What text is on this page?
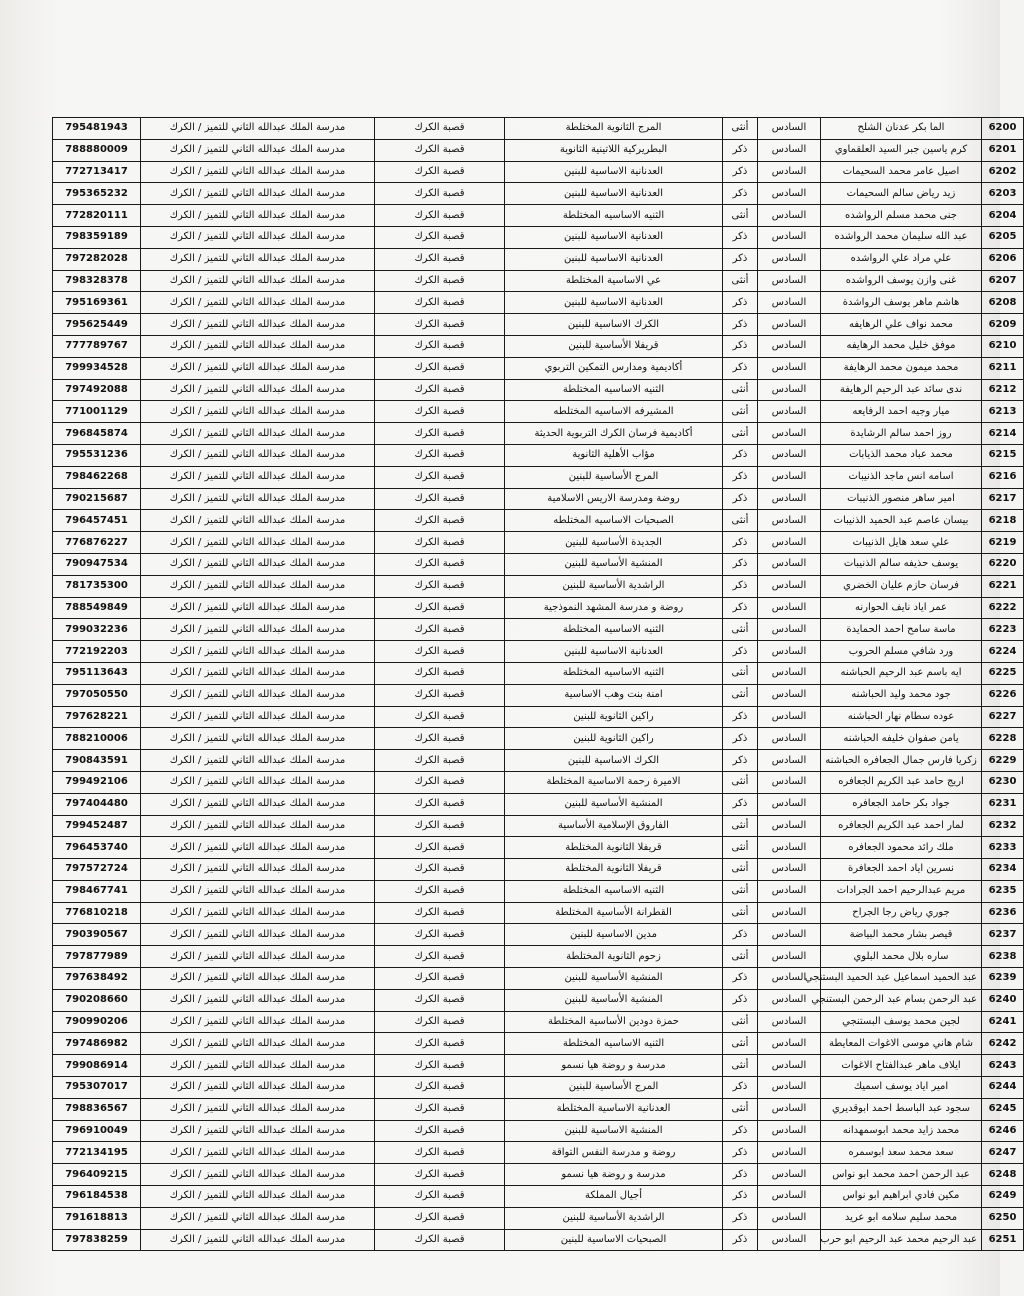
795481943	مدرسة الملك عبدالله الثاني للتميز / الكرك	قصبة الكرك	المرج الثانوية المختلطة	أنثى	السادس	الما بكر عدنان الشلح	6200
788880009	مدرسة الملك عبدالله الثاني للتميز / الكرك	قصبة الكرك	البطريركية اللاتينية الثانوية	ذكر	السادس	كرم ياسين جبر السيد العلقماوي	6201
772713417	مدرسة الملك عبدالله الثاني للتميز / الكرك	قصبة الكرك	العدنانية الاساسية للبنين	ذكر	السادس	اصيل عامر محمد السحيمات	6202
795365232	مدرسة الملك عبدالله الثاني للتميز / الكرك	قصبة الكرك	العدنانية الاساسية للبنين	ذكر	السادس	زيد رياض سالم السحيمات	6203
772820111	مدرسة الملك عبدالله الثاني للتميز / الكرك	قصبة الكرك	الثنيه الاساسيه المختلطة	أنثى	السادس	جنى محمد مسلم الرواشده	6204
798359189	مدرسة الملك عبدالله الثاني للتميز / الكرك	قصبة الكرك	العدنانية الاساسية للبنين	ذكر	السادس	عبد الله سليمان محمد الرواشده	6205
797282028	مدرسة الملك عبدالله الثاني للتميز / الكرك	قصبة الكرك	العدنانية الاساسية للبنين	ذكر	السادس	علي مراد علي الرواشده	6206
798328378	مدرسة الملك عبدالله الثاني للتميز / الكرك	قصبة الكرك	عي الاساسية المختلطة	أنثى	السادس	غنى وازن يوسف الرواشده	6207
795169361	مدرسة الملك عبدالله الثاني للتميز / الكرك	قصبة الكرك	العدنانية الاساسية للبنين	ذكر	السادس	هاشم ماهر يوسف الرواشدة	6208
795625449	مدرسة الملك عبدالله الثاني للتميز / الكرك	قصبة الكرك	الكرك الاساسية للبنين	ذكر	السادس	محمد نواف علي الرهايفه	6209
777789767	مدرسة الملك عبدالله الثاني للتميز / الكرك	قصبة الكرك	قريفلا الأساسية للبنين	ذكر	السادس	موفق خليل محمد الرهايفه	6210
799934528	مدرسة الملك عبدالله الثاني للتميز / الكرك	قصبة الكرك	أكاديمية ومدارس التمكين التربوي	ذكر	السادس	محمد ميمون محمد الرهايفة	6211
797492088	مدرسة الملك عبدالله الثاني للتميز / الكرك	قصبة الكرك	الثنيه الاساسيه المختلطة	أنثى	السادس	ندى سائد عبد الرحيم الرهايفة	6212
771001129	مدرسة الملك عبدالله الثاني للتميز / الكرك	قصبة الكرك	المشيرفه الاساسيه المختلطه	أنثى	السادس	ميار وجيه احمد الرفايعه	6213
796845874	مدرسة الملك عبدالله الثاني للتميز / الكرك	قصبة الكرك	أكاديمية فرسان الكرك التربوية الحديثة	أنثى	السادس	روز احمد سالم الرشايدة	6214
795531236	مدرسة الملك عبدالله الثاني للتميز / الكرك	قصبة الكرك	مؤاب الأهلية الثانوية	ذكر	السادس	محمد عباد محمد الذيابات	6215
798462268	مدرسة الملك عبدالله الثاني للتميز / الكرك	قصبة الكرك	المرج الأساسية للبنين	ذكر	السادس	اسامه انس ماجد الذنيبات	6216
790215687	مدرسة الملك عبدالله الثاني للتميز / الكرك	قصبة الكرك	روضة ومدرسة الاريس الاسلامية	ذكر	السادس	امير ساهر منصور الذنيبات	6217
796457451	مدرسة الملك عبدالله الثاني للتميز / الكرك	قصبة الكرك	الصبحيات الاساسيه المختلطه	أنثى	السادس	بيسان عاصم عبد الحميد الذنيبات	6218
776876227	مدرسة الملك عبدالله الثاني للتميز / الكرك	قصبة الكرك	الجديدة الأساسية للبنين	ذكر	السادس	علي سعد هايل الذنيبات	6219
790947534	مدرسة الملك عبدالله الثاني للتميز / الكرك	قصبة الكرك	المنشية الأساسية للبنين	ذكر	السادس	يوسف حذيفه سالم الذنيبات	6220
781735300	مدرسة الملك عبدالله الثاني للتميز / الكرك	قصبة الكرك	الراشدية الأساسية للبنين	ذكر	السادس	فرسان حازم عليان الخضري	6221
788549849	مدرسة الملك عبدالله الثاني للتميز / الكرك	قصبة الكرك	روضة و مدرسة المشهد النموذجية	ذكر	السادس	عمر اياد نايف الحوارنه	6222
799032236	مدرسة الملك عبدالله الثاني للتميز / الكرك	قصبة الكرك	الثنيه الاساسيه المختلطة	أنثى	السادس	ماسة سامح احمد الحمايدة	6223
772192203	مدرسة الملك عبدالله الثاني للتميز / الكرك	قصبة الكرك	العدنانية الاساسية للبنين	ذكر	السادس	ورد شافي مسلم الحروب	6224
795113643	مدرسة الملك عبدالله الثاني للتميز / الكرك	قصبة الكرك	الثنيه الاساسيه المختلطة	أنثى	السادس	ايه باسم عبد الرحيم الحباشنه	6225
797050550	مدرسة الملك عبدالله الثاني للتميز / الكرك	قصبة الكرك	امنة بنت وهب الاساسية	أنثى	السادس	جود محمد وليد الحباشنه	6226
797628221	مدرسة الملك عبدالله الثاني للتميز / الكرك	قصبة الكرك	راكين الثانوية للبنين	ذكر	السادس	عوده سطام نهار الحباشنه	6227
788210006	مدرسة الملك عبدالله الثاني للتميز / الكرك	قصبة الكرك	راكين الثانوية للبنين	ذكر	السادس	يامن صفوان خليفه الحباشنه	6228
790843591	مدرسة الملك عبدالله الثاني للتميز / الكرك	قصبة الكرك	الكرك الاساسية للبنين	ذكر	السادس	زكريا فارس جمال الجعافره الحباشنه	6229
799492106	مدرسة الملك عبدالله الثاني للتميز / الكرك	قصبة الكرك	الاميرة رحمة الاساسية المختلطة	أنثى	السادس	اريج حامد عبد الكريم الجعافره	6230
797404480	مدرسة الملك عبدالله الثاني للتميز / الكرك	قصبة الكرك	المنشية الأساسية للبنين	ذكر	السادس	جواد بكر حامد الجعافره	6231
799452487	مدرسة الملك عبدالله الثاني للتميز / الكرك	قصبة الكرك	الفاروق الإسلامية الأساسية	أنثى	السادس	لمار احمد عبد الكريم الجعافره	6232
796453740	مدرسة الملك عبدالله الثاني للتميز / الكرك	قصبة الكرك	قريفلا الثانوية المختلطة	أنثى	السادس	ملك رائد محمود الجعافره	6233
797572724	مدرسة الملك عبدالله الثاني للتميز / الكرك	قصبة الكرك	قريفلا الثانوية المختلطة	أنثى	السادس	نسرين اياد احمد الجعافرة	6234
798467741	مدرسة الملك عبدالله الثاني للتميز / الكرك	قصبة الكرك	الثنيه الاساسيه المختلطة	أنثى	السادس	مريم عبدالرحيم احمد الجرادات	6235
776810218	مدرسة الملك عبدالله الثاني للتميز / الكرك	قصبة الكرك	القطرانة الأساسية المختلطة	أنثى	السادس	جوري رياض رجا الجراح	6236
790390567	مدرسة الملك عبدالله الثاني للتميز / الكرك	قصبة الكرك	مدين الاساسية للبنين	ذكر	السادس	قيصر بشار محمد البياضة	6237
797877989	مدرسة الملك عبدالله الثاني للتميز / الكرك	قصبة الكرك	زحوم الثانوية المختلطة	أنثى	السادس	ساره بلال محمد البلوي	6238
797638492	مدرسة الملك عبدالله الثاني للتميز / الكرك	قصبة الكرك	المنشية الأساسية للبنين	ذكر	السادس	عبد الحميد اسماعيل عبد الحميد البستنجي	6239
790208660	مدرسة الملك عبدالله الثاني للتميز / الكرك	قصبة الكرك	المنشية الأساسية للبنين	ذكر	السادس	عبد الرحمن بسام عبد الرحمن البستنجي	6240
790990206	مدرسة الملك عبدالله الثاني للتميز / الكرك	قصبة الكرك	حمزة دودين الأساسية المختلطة	أنثى	السادس	لجين محمد يوسف البستنجي	6241
797486982	مدرسة الملك عبدالله الثاني للتميز / الكرك	قصبة الكرك	الثنيه الاساسيه المختلطة	أنثى	السادس	شام هاني موسى الاغوات المعايطة	6242
799086914	مدرسة الملك عبدالله الثاني للتميز / الكرك	قصبة الكرك	مدرسة و روضة هيا نسمو	أنثى	السادس	ايلاف ماهر عبدالفتاح الاغوات	6243
795307017	مدرسة الملك عبدالله الثاني للتميز / الكرك	قصبة الكرك	المرج الأساسية للبنين	ذكر	السادس	امير اياد يوسف اسميك	6244
798836567	مدرسة الملك عبدالله الثاني للتميز / الكرك	قصبة الكرك	العدنانية الاساسية المختلطة	أنثى	السادس	سجود عبد الباسط احمد ابوقديري	6245
796910049	مدرسة الملك عبدالله الثاني للتميز / الكرك	قصبة الكرك	المنشية الاساسية للبنين	ذكر	السادس	محمد زايد محمد ابوسمهدانه	6246
772134195	مدرسة الملك عبدالله الثاني للتميز / الكرك	قصبة الكرك	روضة و مدرسة النفس التواقة	ذكر	السادس	سعد محمد سعد ابوسمره	6247
796409215	مدرسة الملك عبدالله الثاني للتميز / الكرك	قصبة الكرك	مدرسة و روضة هيا نسمو	ذكر	السادس	عبد الرحمن احمد محمد ابو نواس	6248
796184538	مدرسة الملك عبدالله الثاني للتميز / الكرك	قصبة الكرك	أجيال المملكة	ذكر	السادس	مكين فادي ابراهيم ابو نواس	6249
791618813	مدرسة الملك عبدالله الثاني للتميز / الكرك	قصبة الكرك	الراشدية الأساسية للبنين	ذكر	السادس	محمد سليم سلامه ابو عريد	6250
797838259	مدرسة الملك عبدالله الثاني للتميز / الكرك	قصبة الكرك	الصبحيات الاساسية للبنين	ذكر	السادس	عبد الرحيم محمد عبد الرحيم ابو حرب	6251
